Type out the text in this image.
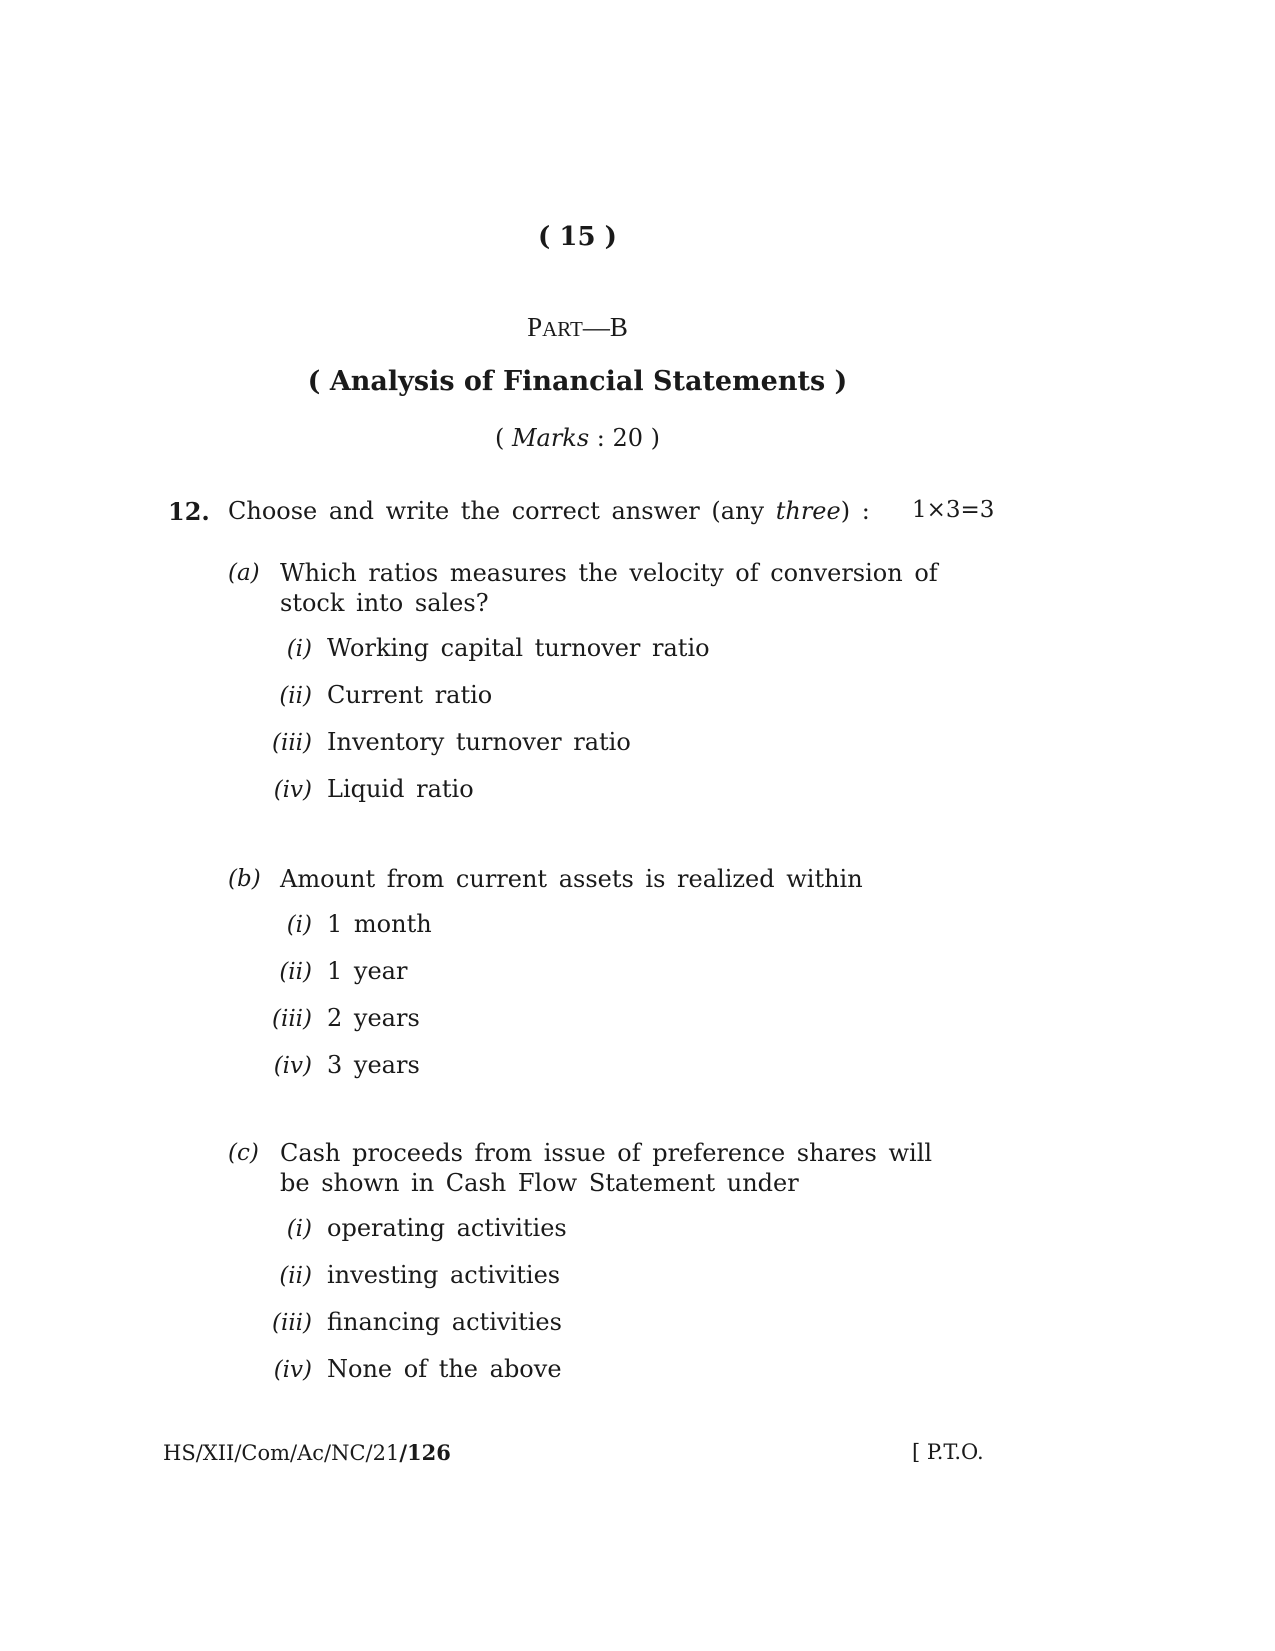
( 15 )
PART—B
( Analysis of Financial Statements )
( Marks : 20 )
12. Choose and write the correct answer (any three) : 1×3=3
(a) Which ratios measures the velocity of conversion of
stock into sales?
(i) Working capital turnover ratio
(ii) Current ratio
(iii) Inventory turnover ratio
(iv) Liquid ratio
(b) Amount from current assets is realized within
(i) 1 month
(ii) 1 year
(iii) 2 years
(iv) 3 years
(c) Cash proceeds from issue of preference shares will
be shown in Cash Flow Statement under
(i) operating activities
(ii) investing activities
(iii) financing activities
(iv) None of the above
HS/XII/Com/Ac/NC/21/126	[ P.T.O.
